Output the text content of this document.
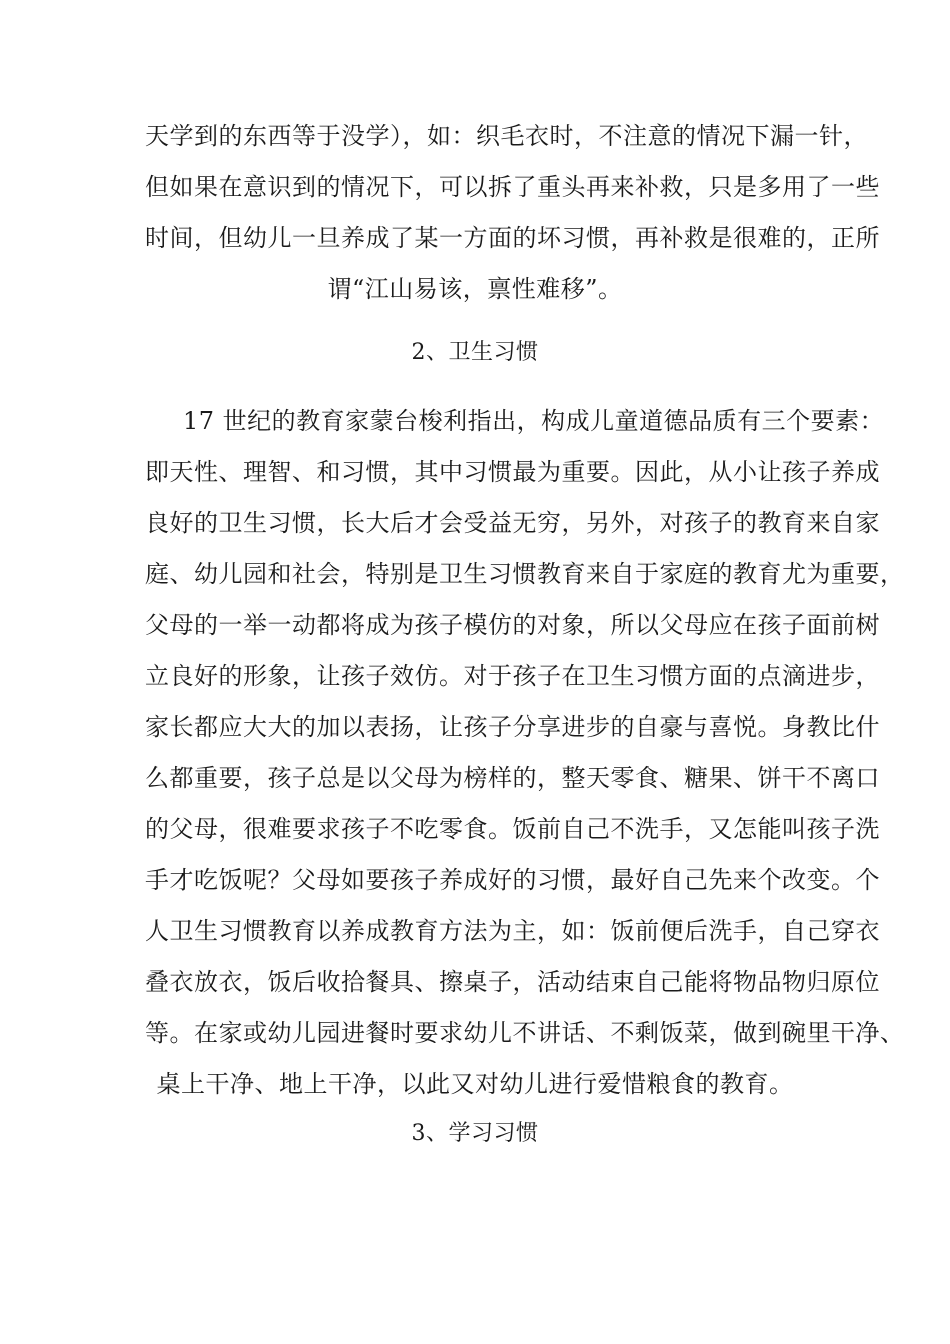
天学到的东西等于没学），如：织毛衣时，不注意的情况下漏一针，
但如果在意识到的情况下，可以拆了重头再来补救，只是多用了一些
时间，但幼儿一旦养成了某一方面的坏习惯，再补救是很难的，正所
谓“江山易该，禀性难移”。
2、卫生习惯
17 世纪的教育家蒙台梭利指出，构成儿童道德品质有三个要素：
即天性、理智、和习惯，其中习惯最为重要。因此，从小让孩子养成
良好的卫生习惯，长大后才会受益无穷，另外，对孩子的教育来自家
庭、幼儿园和社会，特别是卫生习惯教育来自于家庭的教育尤为重要，
父母的一举一动都将成为孩子模仿的对象，所以父母应在孩子面前树
立良好的形象，让孩子效仿。对于孩子在卫生习惯方面的点滴进步，
家长都应大大的加以表扬，让孩子分享进步的自豪与喜悦。身教比什
么都重要，孩子总是以父母为榜样的，整天零食、糖果、饼干不离口
的父母，很难要求孩子不吃零食。饭前自己不洗手，又怎能叫孩子洗
手才吃饭呢？父母如要孩子养成好的习惯，最好自己先来个改变。个
人卫生习惯教育以养成教育方法为主，如：饭前便后洗手，自己穿衣
叠衣放衣，饭后收拾餐具、擦桌子，活动结束自己能将物品物归原位
等。在家或幼儿园进餐时要求幼儿不讲话、不剩饭菜，做到碗里干净、
桌上干净、地上干净，以此又对幼儿进行爱惜粮食的教育。
3、学习习惯
